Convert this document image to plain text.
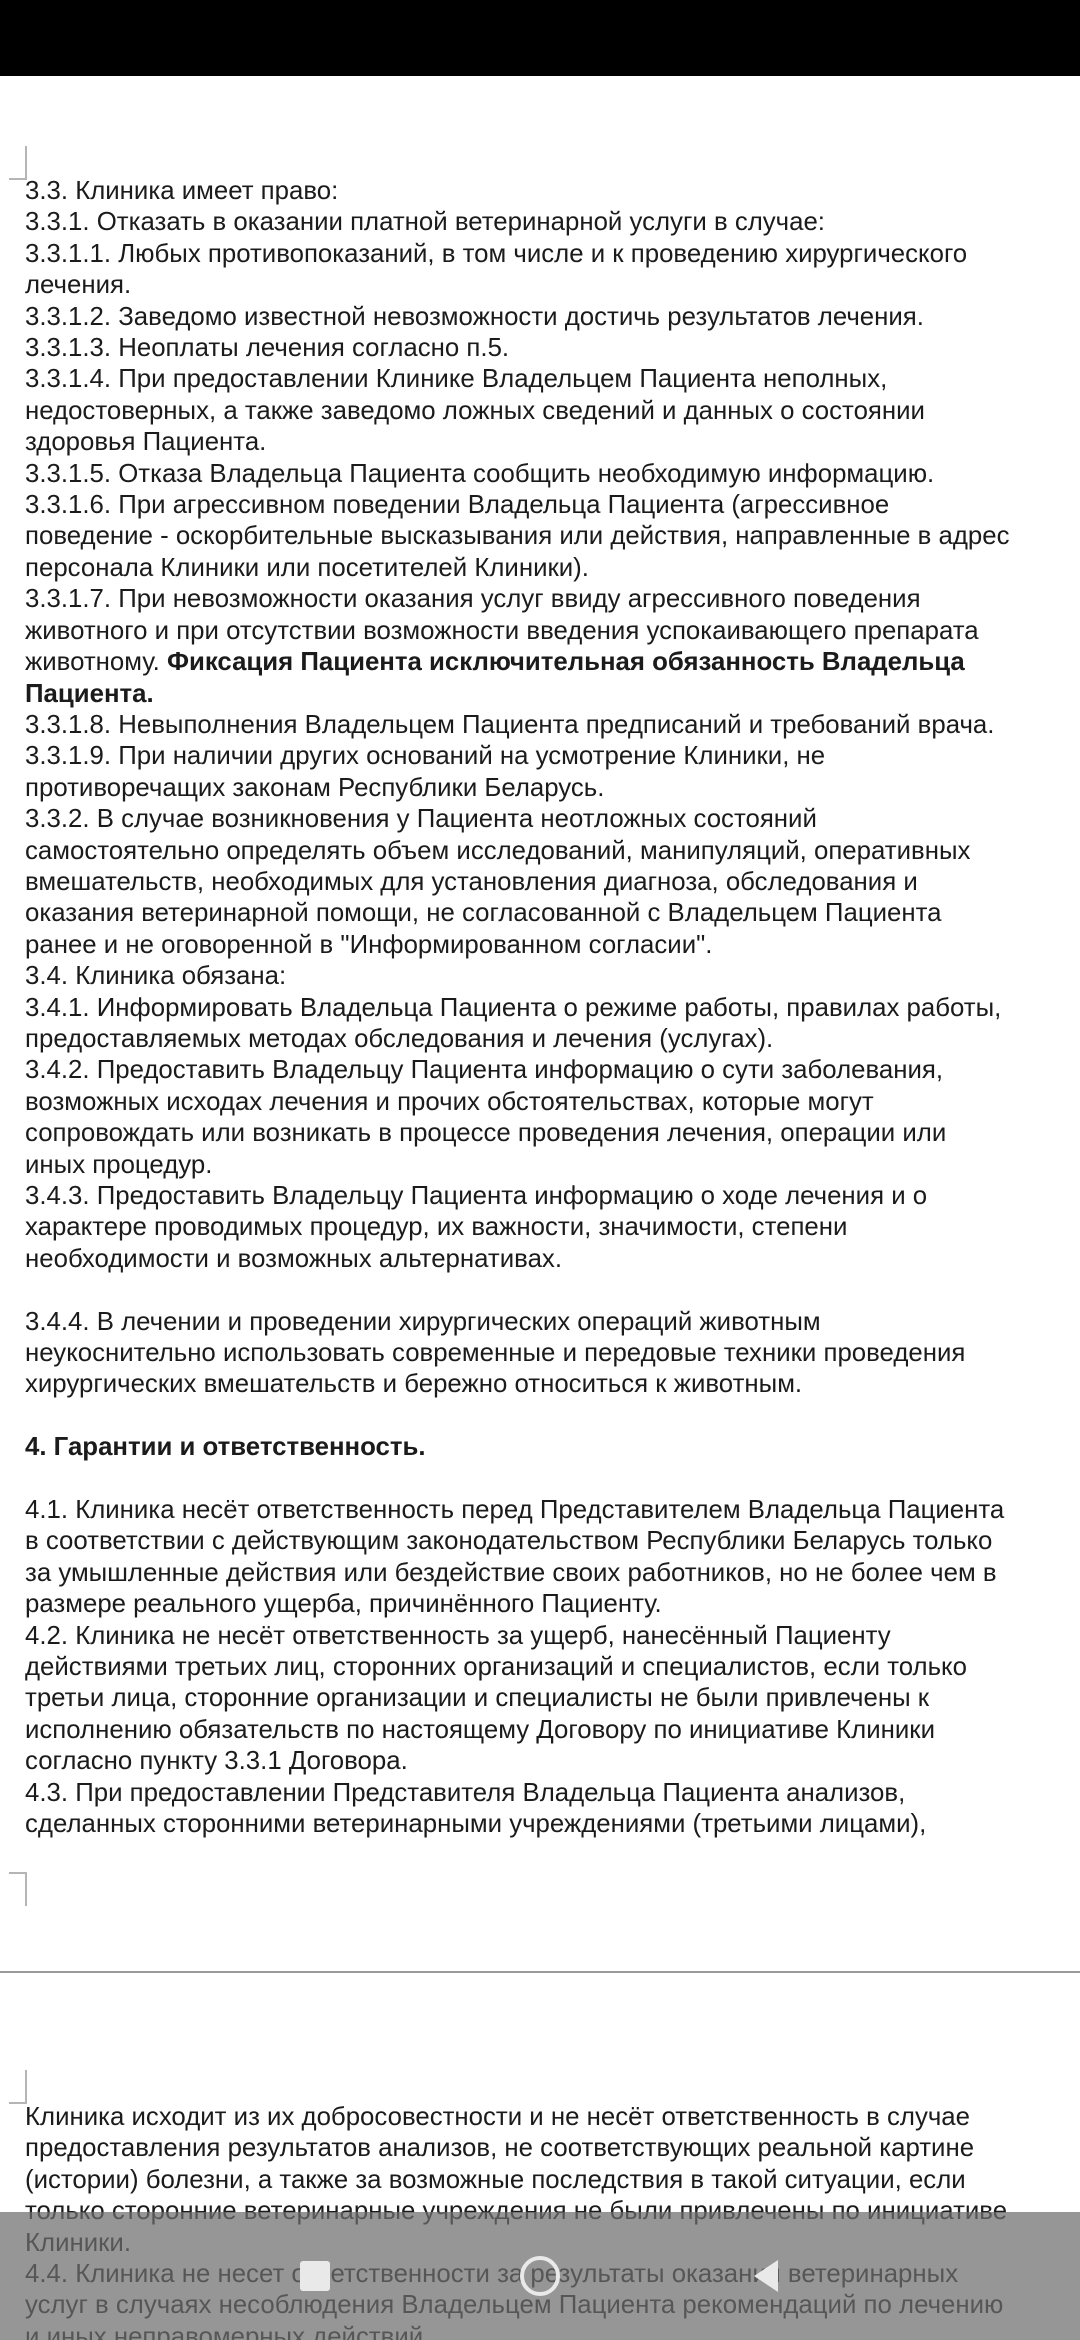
3.3. Клиника имеет право:

3.3.1. Отказать в оказании платной ветеринарной услуги в случае:

3.3.1.1. Любых противопоказаний, в том числе и к проведению хирургического

лечения.

3.3.1.2. Заведомо известной невозможности достичь результатов лечения.

3.3.1.3. Неоплаты лечения согласно п.5.

3.3.1.4. При предоставлении Клинике Владельцем Пациента неполных,

недостоверных, а также заведомо ложных сведений и данных о состоянии

здоровья Пациента.

3.3.1.5. Отказа Владельца Пациента сообщить необходимую информацию.

3.3.1.6. При агрессивном поведении Владельца Пациента (агрессивное

поведение - оскорбительные высказывания или действия, направленные в адрес

персонала Клиники или посетителей Клиники).

3.3.1.7. При невозможности оказания услуг ввиду агрессивного поведения

животного и при отсутствии возможности введения успокаивающего препарата

животному. Фиксация Пациента исключительная обязанность Владельца

Пациента.

3.3.1.8. Невыполнения Владельцем Пациента предписаний и требований врача.

3.3.1.9. При наличии других оснований на усмотрение Клиники, не

противоречащих законам Республики Беларусь.

3.3.2. В случае возникновения у Пациента неотложных состояний

самостоятельно определять объем исследований, манипуляций, оперативных

вмешательств, необходимых для установления диагноза, обследования и

оказания ветеринарной помощи, не согласованной с Владельцем Пациента

ранее и не оговоренной в "Информированном согласии".

3.4. Клиника обязана:

3.4.1. Информировать Владельца Пациента о режиме работы, правилах работы,

предоставляемых методах обследования и лечения (услугах).

3.4.2. Предоставить Владельцу Пациента информацию о сути заболевания,

возможных исходах лечения и прочих обстоятельствах, которые могут

сопровождать или возникать в процессе проведения лечения, операции или

иных процедур.

3.4.3. Предоставить Владельцу Пациента информацию о ходе лечения и о

характере проводимых процедур, их важности, значимости, степени

необходимости и возможных альтернативах.

3.4.4. В лечении и проведении хирургических операций животным

неукоснительно использовать современные и передовые техники проведения

хирургических вмешательств и бережно относиться к животным.

4. Гарантии и ответственность.

4.1. Клиника несёт ответственность перед Представителем Владельца Пациента

в соответствии с действующим законодательством Республики Беларусь только

за умышленные действия или бездействие своих работников, но не более чем в

размере реального ущерба, причинённого Пациенту.

4.2. Клиника не несёт ответственность за ущерб, нанесённый Пациенту

действиями третьих лиц, сторонних организаций и специалистов, если только

третьи лица, сторонние организации и специалисты не были привлечены к

исполнению обязательств по настоящему Договору по инициативе Клиники

согласно пункту 3.3.1 Договора.

4.3. При предоставлении Представителя Владельца Пациента анализов,

сделанных сторонними ветеринарными учреждениями (третьими лицами),

Клиника исходит из их добросовестности и не несёт ответственность в случае

предоставления результатов анализов, не соответствующих реальной картине

(истории) болезни, а также за возможные последствия в такой ситуации, если
